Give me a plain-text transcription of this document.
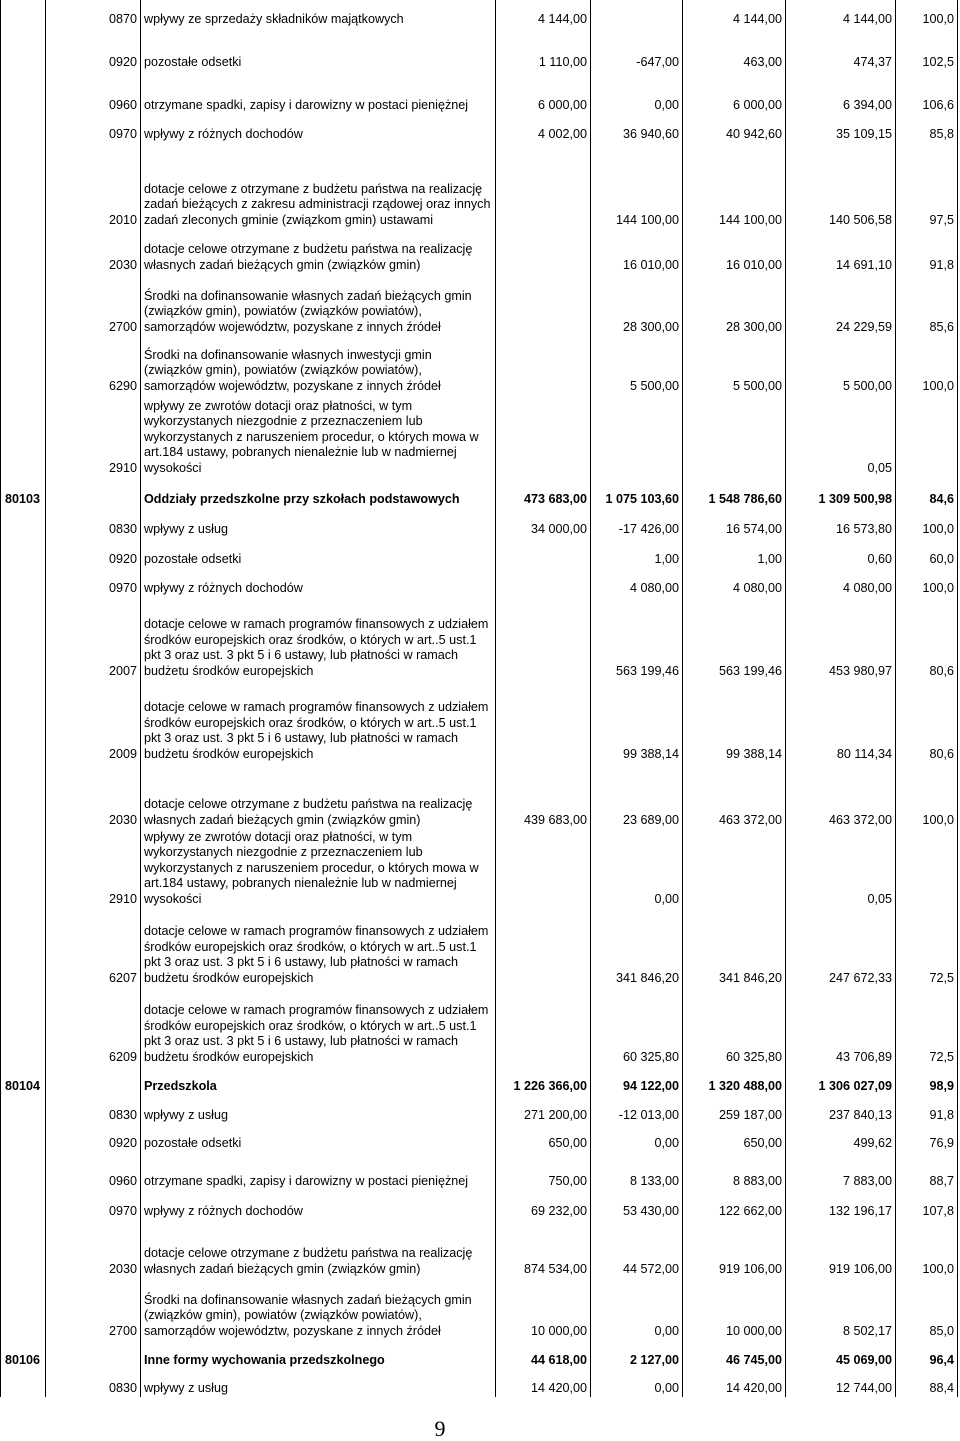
	0870	wpływy ze sprzedaży składników majątkowych	4 144,00		4 144,00	4 144,00	100,0
	0920	pozostałe odsetki	1 110,00	-647,00	463,00	474,37	102,5
	0960	otrzymane spadki, zapisy i darowizny w postaci pieniężnej	6 000,00	0,00	6 000,00	6 394,00	106,6
	0970	wpływy z różnych dochodów	4 002,00	36 940,60	40 942,60	35 109,15	85,8
	2010	dotacje celowe z otrzymane z budżetu państwa na realizację zadań bieżących z zakresu administracji rządowej oraz innych zadań zleconych gminie (związkom gmin) ustawami		144 100,00	144 100,00	140 506,58	97,5
	2030	dotacje celowe otrzymane z budżetu państwa na realizację własnych zadań bieżących gmin (związków gmin)		16 010,00	16 010,00	14 691,10	91,8
	2700	Środki na dofinansowanie własnych zadań bieżących gmin (związków gmin), powiatów (związków powiatów), samorządów województw, pozyskane z innych źródeł		28 300,00	28 300,00	24 229,59	85,6
	6290	Środki na dofinansowanie własnych inwestycji gmin (związków gmin), powiatów (związków powiatów), samorządów województw, pozyskane z innych źródeł		5 500,00	5 500,00	5 500,00	100,0
	2910	wpływy ze zwrotów dotacji oraz płatności, w tym wykorzystanych niezgodnie z przeznaczeniem lub wykorzystanych z naruszeniem procedur, o których mowa w art.184 ustawy, pobranych nienależnie lub w nadmiernej wysokości				0,05	
80103		Oddziały przedszkolne przy szkołach podstawowych	473 683,00	1 075 103,60	1 548 786,60	1 309 500,98	84,6
	0830	wpływy z usług	34 000,00	-17 426,00	16 574,00	16 573,80	100,0
	0920	pozostałe odsetki		1,00	1,00	0,60	60,0
	0970	wpływy z różnych dochodów		4 080,00	4 080,00	4 080,00	100,0
	2007	dotacje celowe w ramach programów finansowych z udziałem środków europejskich oraz środków, o których w art..5 ust.1 pkt 3 oraz ust. 3 pkt 5 i 6 ustawy, lub płatności w ramach budżetu środków europejskich		563 199,46	563 199,46	453 980,97	80,6
	2009	dotacje celowe w ramach programów finansowych z udziałem środków europejskich oraz środków, o których w art..5 ust.1 pkt 3 oraz ust. 3 pkt 5 i 6 ustawy, lub płatności w ramach budżetu środków europejskich		99 388,14	99 388,14	80 114,34	80,6
	2030	dotacje celowe otrzymane z budżetu państwa na realizację własnych zadań bieżących gmin (związków gmin)	439 683,00	23 689,00	463 372,00	463 372,00	100,0
	2910	wpływy ze zwrotów dotacji oraz płatności, w tym wykorzystanych niezgodnie z przeznaczeniem lub wykorzystanych z naruszeniem procedur, o których mowa w art.184 ustawy, pobranych nienależnie lub w nadmiernej wysokości		0,00		0,05	
	6207	dotacje celowe w ramach programów finansowych z udziałem środków europejskich oraz środków, o których w art..5 ust.1 pkt 3 oraz ust. 3 pkt 5 i 6 ustawy, lub płatności w ramach budżetu środków europejskich		341 846,20	341 846,20	247 672,33	72,5
	6209	dotacje celowe w ramach programów finansowych z udziałem środków europejskich oraz środków, o których w art..5 ust.1 pkt 3 oraz ust. 3 pkt 5 i 6 ustawy, lub płatności w ramach budżetu środków europejskich		60 325,80	60 325,80	43 706,89	72,5
80104		Przedszkola	1 226 366,00	94 122,00	1 320 488,00	1 306 027,09	98,9
	0830	wpływy z usług	271 200,00	-12 013,00	259 187,00	237 840,13	91,8
	0920	pozostałe odsetki	650,00	0,00	650,00	499,62	76,9
	0960	otrzymane spadki, zapisy i darowizny w postaci pieniężnej	750,00	8 133,00	8 883,00	7 883,00	88,7
	0970	wpływy z różnych dochodów	69 232,00	53 430,00	122 662,00	132 196,17	107,8
	2030	dotacje celowe otrzymane z budżetu państwa na realizację własnych zadań bieżących gmin (związków gmin)	874 534,00	44 572,00	919 106,00	919 106,00	100,0
	2700	Środki na dofinansowanie własnych zadań bieżących gmin (związków gmin), powiatów (związków powiatów), samorządów województw, pozyskane z innych źródeł	10 000,00	0,00	10 000,00	8 502,17	85,0
80106		Inne formy wychowania przedszkolnego	44 618,00	2 127,00	46 745,00	45 069,00	96,4
	0830	wpływy z usług	14 420,00	0,00	14 420,00	12 744,00	88,4
9
